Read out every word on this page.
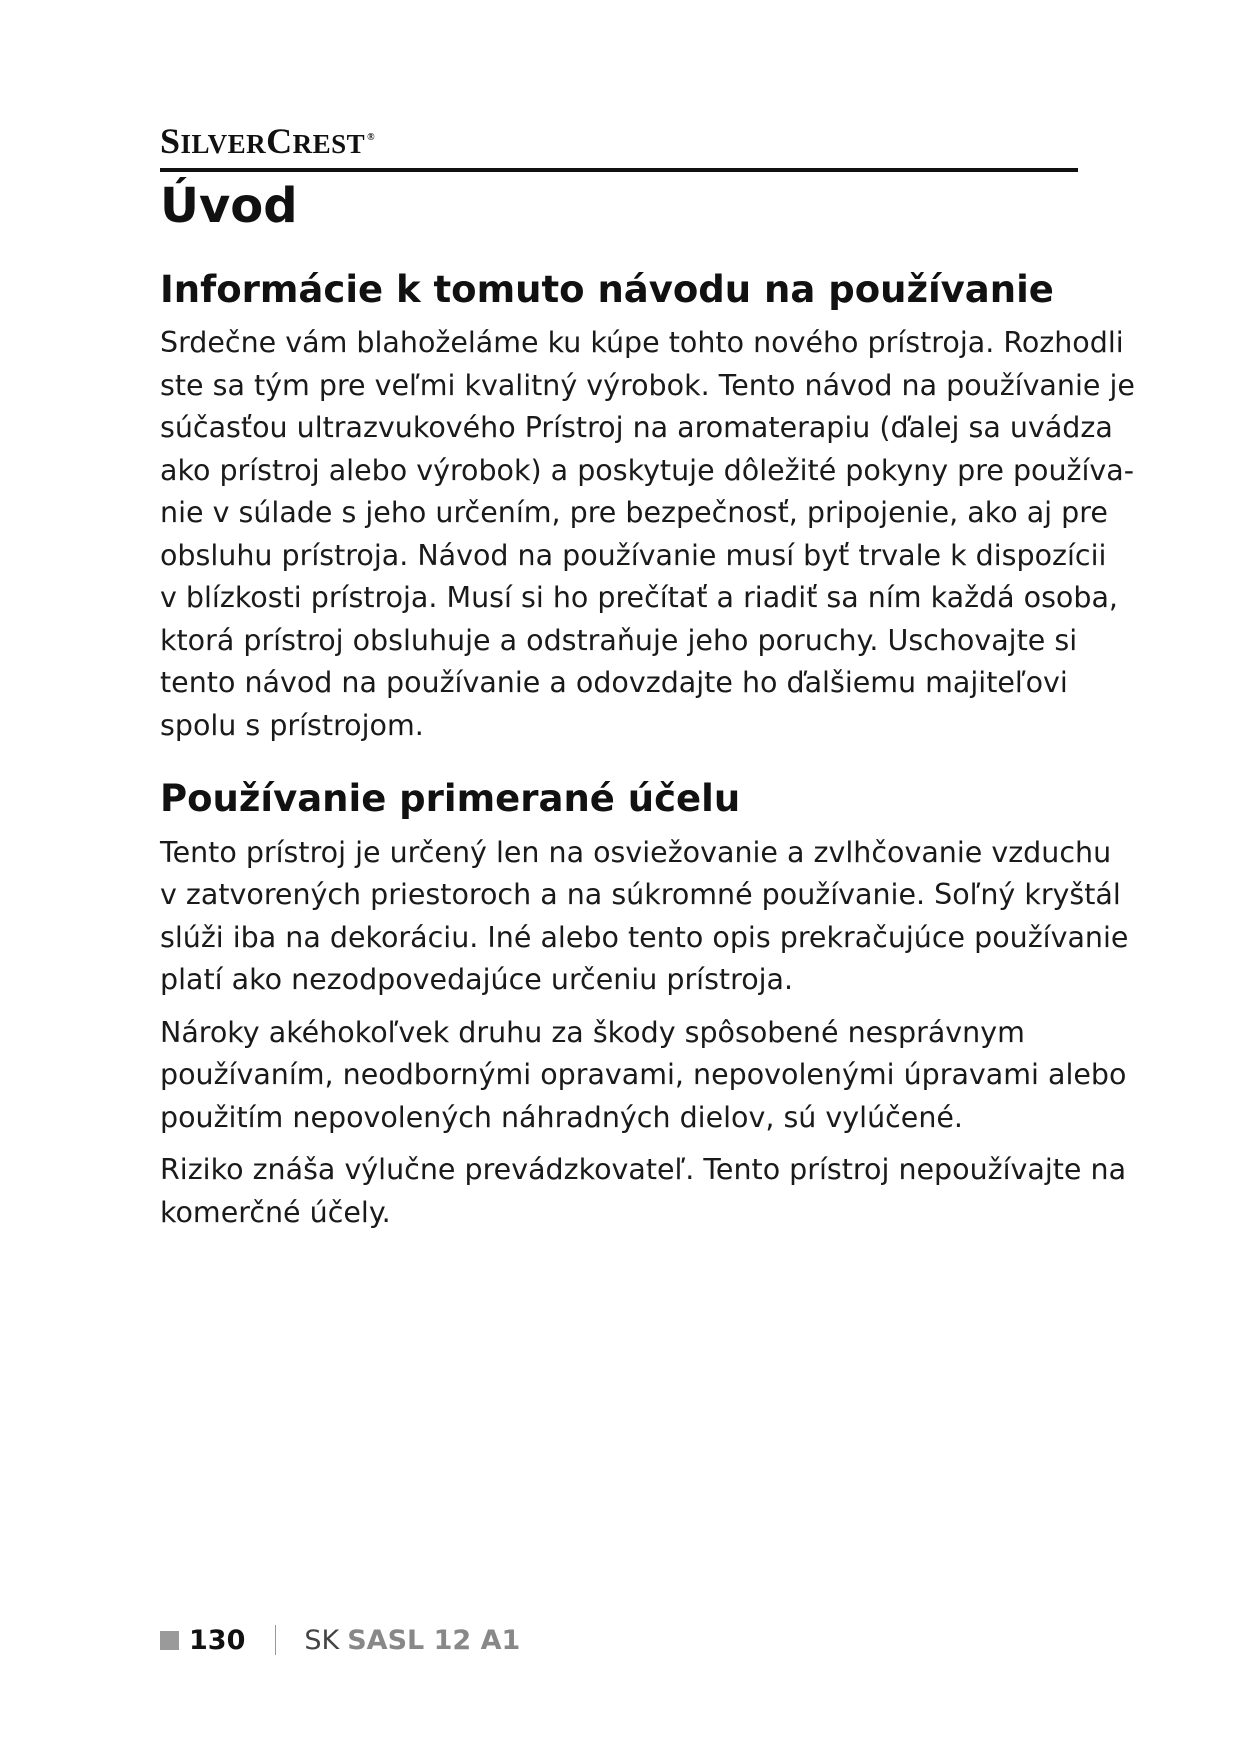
SILVERCREST ®
Úvod
Informácie k tomuto návodu na používanie

Srdečne vám blahoželáme ku kúpe tohto nového prístroja. Rozhodli
ste sa tým pre veľmi kvalitný výrobok. Tento návod na používanie je
súčasťou ultrazvukového Prístroj na aromaterapiu (ďalej sa uvádza
ako prístroj alebo výrobok) a poskytuje dôležité pokyny pre používa-
nie v súlade s jeho určením, pre bezpečnosť, pripojenie, ako aj pre
obsluhu prístroja. Návod na používanie musí byť trvale k dispozícii
v blízkosti prístroja. Musí si ho prečítať a riadiť sa ním každá osoba,
ktorá prístroj obsluhuje a odstraňuje jeho poruchy. Uschovajte si
tento návod na používanie a odovzdajte ho ďalšiemu majiteľovi
spolu s prístrojom.

Používanie primerané účelu

Tento prístroj je určený len na osviežovanie a zvlhčovanie vzduchu
v zatvorených priestoroch a na súkromné používanie. Soľný kryštál
slúži iba na dekoráciu. Iné alebo tento opis prekračujúce používanie
platí ako nezodpovedajúce určeniu prístroja.

Nároky akéhokoľvek druhu za škody spôsobené nesprávnym
používaním, neodbornými opravami, nepovolenými úpravami alebo
použitím nepovolených náhradných dielov, sú vylúčené.

Riziko znáša výlučne prevádzkovateľ. Tento prístroj nepoužívajte na
komerčné účely.

130 SK SASL 12 A1
